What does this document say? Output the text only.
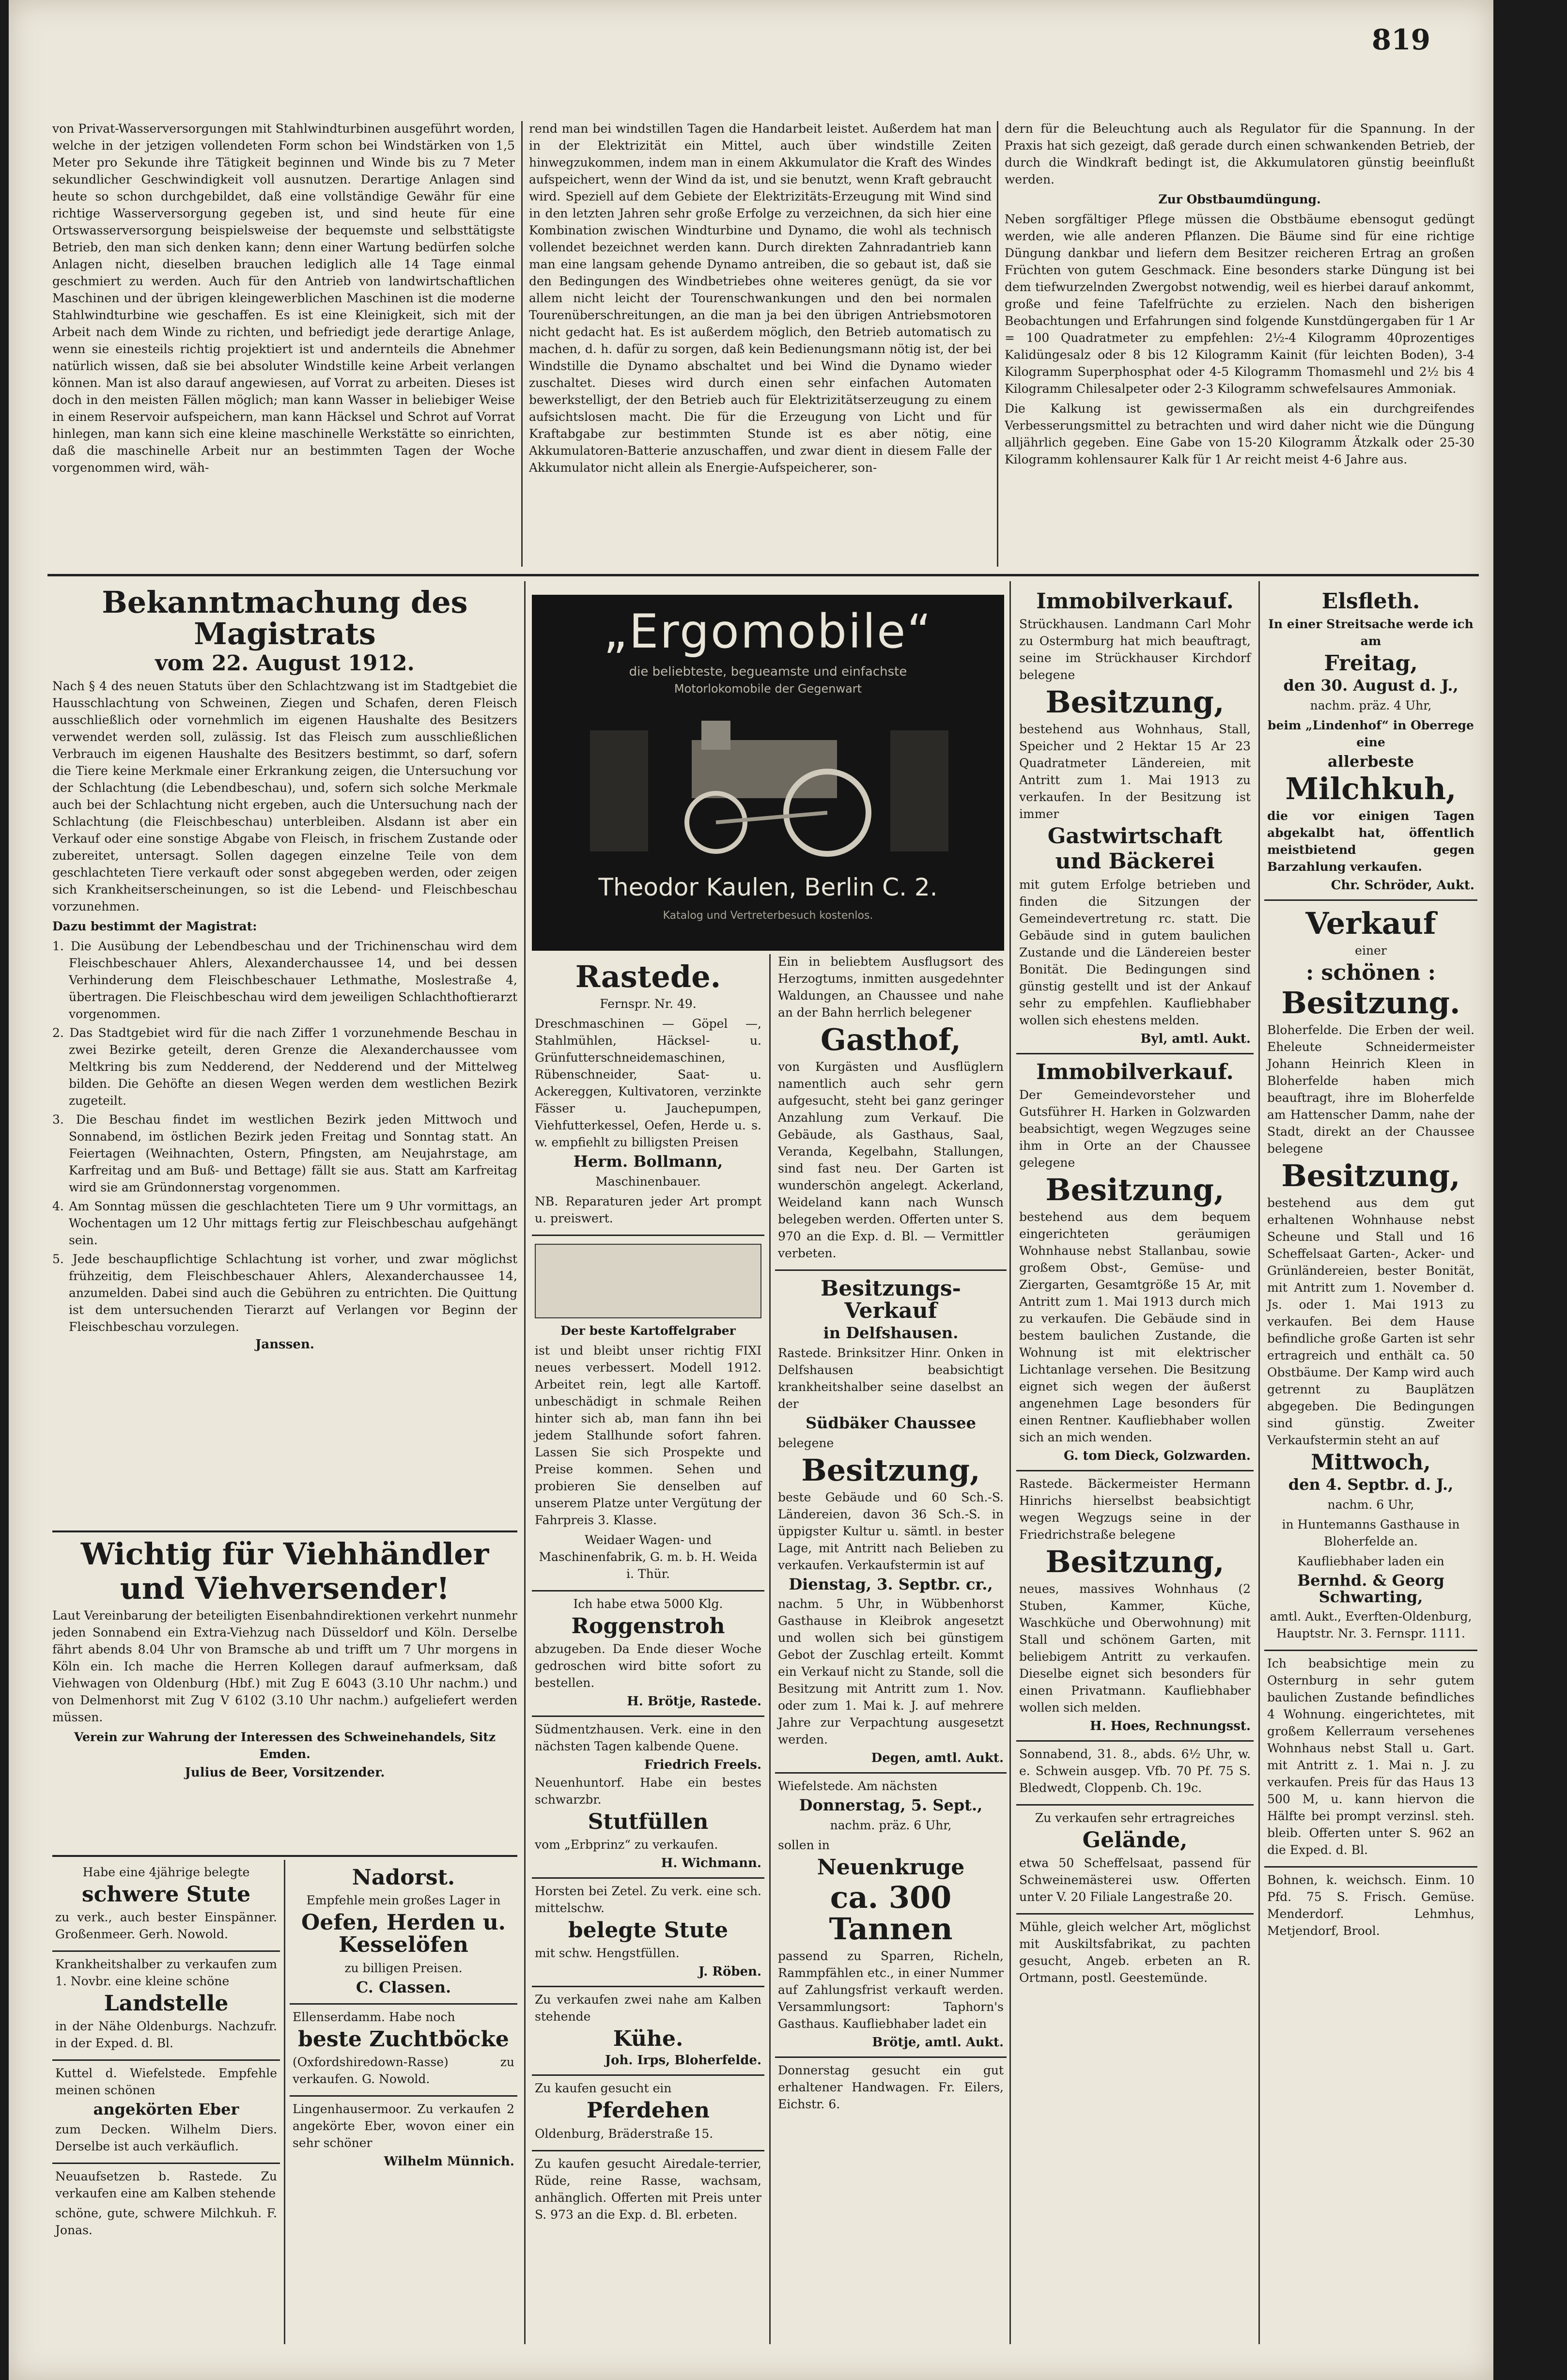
819

von Privat-Wasserversorgungen mit Stahlwindturbinen ausgeführt worden, welche in der jetzigen vollendeten Form schon bei Windstärken von 1,5 Meter pro Sekunde ihre Tätigkeit beginnen und Winde bis zu 7 Meter sekundlicher Geschwindigkeit voll ausnutzen. Derartige Anlagen sind heute so schon durchgebildet, daß eine vollständige Gewähr für eine richtige Wasserversorgung gegeben ist, und sind heute für eine Ortswasserversorgung beispielsweise der bequemste und selbsttätigste Betrieb, den man sich denken kann; denn einer Wartung bedürfen solche Anlagen nicht, dieselben brauchen lediglich alle 14 Tage einmal geschmiert zu werden. Auch für den Antrieb von landwirtschaftlichen Maschinen und der übrigen kleingewerblichen Maschinen ist die moderne Stahlwindturbine wie geschaffen. Es ist eine Kleinigkeit, sich mit der Arbeit nach dem Winde zu richten, und befriedigt jede derartige Anlage, wenn sie einesteils richtig projektiert ist und andernteils die Abnehmer natürlich wissen, daß sie bei absoluter Windstille keine Arbeit verlangen können. Man ist also darauf angewiesen, auf Vorrat zu arbeiten. Dieses ist doch in den meisten Fällen möglich; man kann Wasser in beliebiger Weise in einem Reservoir aufspeichern, man kann Häcksel und Schrot auf Vorrat hinlegen, man kann sich eine kleine maschinelle Werkstätte so einrichten, daß die maschinelle Arbeit nur an bestimmten Tagen der Woche vorgenommen wird, wäh-

rend man bei windstillen Tagen die Handarbeit leistet. Außerdem hat man in der Elektrizität ein Mittel, auch über windstille Zeiten hinwegzukommen, indem man in einem Akkumulator die Kraft des Windes aufspeichert, wenn der Wind da ist, und sie benutzt, wenn Kraft gebraucht wird. Speziell auf dem Gebiete der Elektrizitäts-Erzeugung mit Wind sind in den letzten Jahren sehr große Erfolge zu verzeichnen, da sich hier eine Kombination zwischen Windturbine und Dynamo, die wohl als technisch vollendet bezeichnet werden kann. Durch direkten Zahnradantrieb kann man eine langsam gehende Dynamo antreiben, die so gebaut ist, daß sie den Bedingungen des Windbetriebes ohne weiteres genügt, da sie vor allem nicht leicht der Tourenschwankungen und den bei normalen Tourenüberschreitungen, an die man ja bei den übrigen Antriebsmotoren nicht gedacht hat. Es ist außerdem möglich, den Betrieb automatisch zu machen, d. h. dafür zu sorgen, daß kein Bedienungsmann nötig ist, der bei Windstille die Dynamo abschaltet und bei Wind die Dynamo wieder zuschaltet. Dieses wird durch einen sehr einfachen Automaten bewerkstelligt, der den Betrieb auch für Elektrizitätserzeugung zu einem aufsichtslosen macht. Die für die Erzeugung von Licht und für Kraftabgabe zur bestimmten Stunde ist es aber nötig, eine Akkumulatoren-Batterie anzuschaffen, und zwar dient in diesem Falle der Akkumulator nicht allein als Energie-Aufspeicherer, son-

dern für die Beleuchtung auch als Regulator für die Spannung. In der Praxis hat sich gezeigt, daß gerade durch einen schwankenden Betrieb, der durch die Windkraft bedingt ist, die Akkumulatoren günstig beeinflußt werden.

Zur Obstbaumdüngung.

Neben sorgfältiger Pflege müssen die Obstbäume ebensogut gedüngt werden, wie alle anderen Pflanzen. Die Bäume sind für eine richtige Düngung dankbar und liefern dem Besitzer reicheren Ertrag an großen Früchten von gutem Geschmack. Eine besonders starke Düngung ist bei dem tiefwurzelnden Zwergobst notwendig, weil es hierbei darauf ankommt, große und feine Tafelfrüchte zu erzielen. Nach den bisherigen Beobachtungen und Erfahrungen sind folgende Kunstdüngergaben für 1 Ar = 100 Quadratmeter zu empfehlen: 2½-4 Kilogramm 40prozentiges Kalidüngesalz oder 8 bis 12 Kilogramm Kainit (für leichten Boden), 3-4 Kilogramm Superphosphat oder 4-5 Kilogramm Thomasmehl und 2½ bis 4 Kilogramm Chilesalpeter oder 2-3 Kilogramm schwefelsaures Ammoniak.

Die Kalkung ist gewissermaßen als ein durchgreifendes Verbesserungsmittel zu betrachten und wird daher nicht wie die Düngung alljährlich gegeben. Eine Gabe von 15-20 Kilogramm Ätzkalk oder 25-30 Kilogramm kohlensaurer Kalk für 1 Ar reicht meist 4-6 Jahre aus.

Bekanntmachung des Magistrats
vom 22. August 1912.

Nach § 4 des neuen Statuts über den Schlachtzwang ist im Stadtgebiet die Hausschlachtung von Schweinen, Ziegen und Schafen, deren Fleisch ausschließlich oder vornehmlich im eigenen Haushalte des Besitzers verwendet werden soll, zulässig. Ist das Fleisch zum ausschließlichen Verbrauch im eigenen Haushalte des Besitzers bestimmt, so darf, sofern die Tiere keine Merkmale einer Erkrankung zeigen, die Untersuchung vor der Schlachtung (die Lebendbeschau), und, sofern sich solche Merkmale auch bei der Schlachtung nicht ergeben, auch die Untersuchung nach der Schlachtung (die Fleischbeschau) unterbleiben. Alsdann ist aber ein Verkauf oder eine sonstige Abgabe von Fleisch, in frischem Zustande oder zubereitet, untersagt. Sollen dagegen einzelne Teile von dem geschlachteten Tiere verkauft oder sonst abgegeben werden, oder zeigen sich Krankheitserscheinungen, so ist die Lebend- und Fleischbeschau vorzunehmen.

Dazu bestimmt der Magistrat:

1. Die Ausübung der Lebendbeschau und der Trichinenschau wird dem Fleischbeschauer Ahlers, Alexanderchaussee 14, und bei dessen Verhinderung dem Fleischbeschauer Lethmathe, Moslestraße 4, übertragen. Die Fleischbeschau wird dem jeweiligen Schlachthoftierarzt vorgenommen.

2. Das Stadtgebiet wird für die nach Ziffer 1 vorzunehmende Beschau in zwei Bezirke geteilt, deren Grenze die Alexanderchaussee vom Meltkring bis zum Nedderend, der Nedderend und der Mittelweg bilden. Die Gehöfte an diesen Wegen werden dem westlichen Bezirk zugeteilt.

3. Die Beschau findet im westlichen Bezirk jeden Mittwoch und Sonnabend, im östlichen Bezirk jeden Freitag und Sonntag statt. An Feiertagen (Weihnachten, Ostern, Pfingsten, am Neujahrstage, am Karfreitag und am Buß- und Bettage) fällt sie aus. Statt am Karfreitag wird sie am Gründonnerstag vorgenommen.

4. Am Sonntag müssen die geschlachteten Tiere um 9 Uhr vormittags, an Wochentagen um 12 Uhr mittags fertig zur Fleischbeschau aufgehängt sein.

5. Jede beschaupflichtige Schlachtung ist vorher, und zwar möglichst frühzeitig, dem Fleischbeschauer Ahlers, Alexanderchaussee 14, anzumelden. Dabei sind auch die Gebühren zu entrichten. Die Quittung ist dem untersuchenden Tierarzt auf Verlangen vor Beginn der Fleischbeschau vorzulegen.

Janssen.
Wichtig für Viehhändler
und Viehversender!

Laut Vereinbarung der beteiligten Eisenbahndirektionen verkehrt nunmehr jeden Sonnabend ein Extra-Viehzug nach Düsseldorf und Köln. Derselbe fährt abends 8.04 Uhr von Bramsche ab und trifft um 7 Uhr morgens in Köln ein. Ich mache die Herren Kollegen darauf aufmerksam, daß Viehwagen von Oldenburg (Hbf.) mit Zug E 6043 (3.10 Uhr nachm.) und von Delmenhorst mit Zug V 6102 (3.10 Uhr nachm.) aufgeliefert werden müssen.

Verein zur Wahrung der Interessen des Schweinehandels, Sitz Emden.

Julius de Beer, Vorsitzender.

Habe eine 4jährige belegte

schwere Stute

zu verk., auch bester Einspänner. Großenmeer. Gerh. Nowold.

Krankheitshalber zu verkaufen zum 1. Novbr. eine kleine schöne

Landstelle

in der Nähe Oldenburgs. Nachzufr. in der Exped. d. Bl.

Kuttel d. Wiefelstede. Empfehle meinen schönen

angekörten Eber

zum Decken. Wilhelm Diers. Derselbe ist auch verkäuflich.

Neuaufsetzen b. Rastede. Zu verkaufen eine am Kalben stehende

schöne, gute, schwere Milchkuh. F. Jonas.

Nadorst.

Empfehle mein großes Lager in

Oefen, Herden u. Kesselöfen

zu billigen Preisen.

C. Classen.

Ellenserdamm. Habe noch

beste Zuchtböcke

(Oxfordshiredown-Rasse) zu verkaufen. G. Nowold.

Lingenhausermoor. Zu verkaufen 2 angekörte Eber, wovon einer ein sehr schöner

Wilhelm Münnich.
„Ergomobile“
die beliebteste, begueamste und einfachste
Motorlokomobile der Gegenwart
Theodor Kaulen, Berlin C. 2.
Katalog und Vertreterbesuch kostenlos.
Rastede.

Fernspr. Nr. 49.

Dreschmaschinen — Göpel —, Stahlmühlen, Häcksel- u. Grünfutterschneidemaschinen, Rübenschneider, Saat- u. Ackereggen, Kultivatoren, verzinkte Fässer u. Jauchepumpen, Viehfutterkessel, Oefen, Herde u. s. w. empfiehlt zu billigsten Preisen

Herm. Bollmann,

Maschinenbauer.

NB. Reparaturen jeder Art prompt u. preiswert.

Der beste Kartoffelgraber

ist und bleibt unser richtig FIXI neues verbessert. Modell 1912. Arbeitet rein, legt alle Kartoff. unbeschädigt in schmale Reihen hinter sich ab, man fann ihn bei jedem Stallhunde sofort fahren. Lassen Sie sich Prospekte und Preise kommen. Sehen und probieren Sie denselben auf unserem Platze unter Vergütung der Fahrpreis 3. Klasse.

Weidaer Wagen- und Maschinenfabrik, G. m. b. H. Weida i. Thür.

Ich habe etwa 5000 Klg.

Roggenstroh

abzugeben. Da Ende dieser Woche gedroschen wird bitte sofort zu bestellen.

H. Brötje, Rastede.

Südmentzhausen. Verk. eine in den nächsten Tagen kalbende Quene.

Friedrich Freels.

Neuenhuntorf. Habe ein bestes schwarzbr.

Stutfüllen

vom „Erbprinz“ zu verkaufen.

H. Wichmann.

Horsten bei Zetel. Zu verk. eine sch. mittelschw.

belegte Stute

mit schw. Hengstfüllen.

J. Röben.

Zu verkaufen zwei nahe am Kalben stehende

Kühe.
Joh. Irps, Bloherfelde.

Zu kaufen gesucht ein

Pferdehen

Oldenburg, Bräderstraße 15.

Zu kaufen gesucht Airedale-terrier, Rüde, reine Rasse, wachsam, anhänglich. Offerten mit Preis unter S. 973 an die Exp. d. Bl. erbeten.

Ein in beliebtem Ausflugsort des Herzogtums, inmitten ausgedehnter Waldungen, an Chaussee und nahe an der Bahn herrlich belegener

Gasthof,

von Kurgästen und Ausflüglern namentlich auch sehr gern aufgesucht, steht bei ganz geringer Anzahlung zum Verkauf. Die Gebäude, als Gasthaus, Saal, Veranda, Kegelbahn, Stallungen, sind fast neu. Der Garten ist wunderschön angelegt. Ackerland, Weideland kann nach Wunsch belegeben werden. Offerten unter S. 970 an die Exp. d. Bl. — Vermittler verbeten.

Besitzungs-Verkauf
in Delfshausen.

Rastede. Brinksitzer Hinr. Onken in Delfshausen beabsichtigt krankheitshalber seine daselbst an der

Südbäker Chaussee

belegene

Besitzung,

beste Gebäude und 60 Sch.-S. Ländereien, davon 36 Sch.-S. in üppigster Kultur u. sämtl. in bester Lage, mit Antritt nach Belieben zu verkaufen. Verkaufstermin ist auf

Dienstag, 3. Septbr. cr.,

nachm. 5 Uhr, in Wübbenhorst Gasthause in Kleibrok angesetzt und wollen sich bei günstigem Gebot der Zuschlag erteilt. Kommt ein Verkauf nicht zu Stande, soll die Besitzung mit Antritt zum 1. Nov. oder zum 1. Mai k. J. auf mehrere Jahre zur Verpachtung ausgesetzt werden.

Degen, amtl. Aukt.

Wiefelstede. Am nächsten

Donnerstag, 5. Sept.,

nachm. präz. 6 Uhr,

sollen in

Neuenkruge
ca. 300 Tannen

passend zu Sparren, Richeln, Rammpfählen etc., in einer Nummer auf Zahlungsfrist verkauft werden. Versammlungsort: Taphorn's Gasthaus. Kaufliebhaber ladet ein

Brötje, amtl. Aukt.

Donnerstag gesucht ein gut erhaltener Handwagen. Fr. Eilers, Eichstr. 6.

Immobilverkauf.

Strückhausen. Landmann Carl Mohr zu Ostermburg hat mich beauftragt, seine im Strückhauser Kirchdorf belegene

Besitzung,

bestehend aus Wohnhaus, Stall, Speicher und 2 Hektar 15 Ar 23 Quadratmeter Ländereien, mit Antritt zum 1. Mai 1913 zu verkaufen. In der Besitzung ist immer

Gastwirtschaft
und Bäckerei

mit gutem Erfolge betrieben und finden die Sitzungen der Gemeindevertretung rc. statt. Die Gebäude sind in gutem baulichen Zustande und die Ländereien bester Bonität. Die Bedingungen sind günstig gestellt und ist der Ankauf sehr zu empfehlen. Kaufliebhaber wollen sich ehestens melden.

Byl, amtl. Aukt.
Immobilverkauf.

Der Gemeindevorsteher und Gutsführer H. Harken in Golzwarden beabsichtigt, wegen Wegzuges seine ihm in Orte an der Chaussee gelegene

Besitzung,

bestehend aus dem bequem eingerichteten geräumigen Wohnhause nebst Stallanbau, sowie großem Obst-, Gemüse- und Ziergarten, Gesamtgröße 15 Ar, mit Antritt zum 1. Mai 1913 durch mich zu verkaufen. Die Gebäude sind in bestem baulichen Zustande, die Wohnung ist mit elektrischer Lichtanlage versehen. Die Besitzung eignet sich wegen der äußerst angenehmen Lage besonders für einen Rentner. Kaufliebhaber wollen sich an mich wenden.

G. tom Dieck, Golzwarden.

Rastede. Bäckermeister Hermann Hinrichs hierselbst beabsichtigt wegen Wegzugs seine in der Friedrichstraße belegene

Besitzung,

neues, massives Wohnhaus (2 Stuben, Kammer, Küche, Waschküche und Oberwohnung) mit Stall und schönem Garten, mit beliebigem Antritt zu verkaufen. Dieselbe eignet sich besonders für einen Privatmann. Kaufliebhaber wollen sich melden.

H. Hoes, Rechnungsst.

Sonnabend, 31. 8., abds. 6½ Uhr, w. e. Schwein ausgep. Vfb. 70 Pf. 75 S. Bledwedt, Cloppenb. Ch. 19c.

Zu verkaufen sehr ertragreiches

Gelände,

etwa 50 Scheffelsaat, passend für Schweinemästerei usw. Offerten unter V. 20 Filiale Langestraße 20.

Mühle, gleich welcher Art, möglichst mit Auskiltsfabrikat, zu pachten gesucht, Angeb. erbeten an R. Ortmann, postl. Geestemünde.

Elsfleth.

In einer Streitsache werde ich am

Freitag,
den 30. August d. J.,

nachm. präz. 4 Uhr,

beim „Lindenhof“ in Oberrege eine

allerbeste
Milchkuh,

die vor einigen Tagen abgekalbt hat, öffentlich meistbietend gegen Barzahlung verkaufen.

Chr. Schröder, Aukt.
Verkauf

einer

: schönen :
Besitzung.

Bloherfelde. Die Erben der weil. Eheleute Schneidermeister Johann Heinrich Kleen in Bloherfelde haben mich beauftragt, ihre im Bloherfelde am Hattenscher Damm, nahe der Stadt, direkt an der Chaussee belegene

Besitzung,

bestehend aus dem gut erhaltenen Wohnhause nebst Scheune und Stall und 16 Scheffelsaat Garten-, Acker- und Grünländereien, bester Bonität, mit Antritt zum 1. November d. Js. oder 1. Mai 1913 zu verkaufen. Bei dem Hause befindliche große Garten ist sehr ertragreich und enthält ca. 50 Obstbäume. Der Kamp wird auch getrennt zu Bauplätzen abgegeben. Die Bedingungen sind günstig. Zweiter Verkaufstermin steht an auf

Mittwoch,
den 4. Septbr. d. J.,

nachm. 6 Uhr,

in Huntemanns Gasthause in Bloherfelde an.

Kaufliebhaber laden ein

Bernhd. & Georg Schwarting,

amtl. Aukt., Everften-Oldenburg, Hauptstr. Nr. 3. Fernspr. 1111.

Ich beabsichtige mein zu Osternburg in sehr gutem baulichen Zustande befindliches 4 Wohnung. eingerichtetes, mit großem Kellerraum versehenes Wohnhaus nebst Stall u. Gart. mit Antritt z. 1. Mai n. J. zu verkaufen. Preis für das Haus 13 500 M, u. kann hiervon die Hälfte bei prompt verzinsl. steh. bleib. Offerten unter S. 962 an die Exped. d. Bl.

Bohnen, k. weichsch. Einm. 10 Pfd. 75 S. Frisch. Gemüse. Menderdorf. Lehmhus, Metjendorf, Brool.
